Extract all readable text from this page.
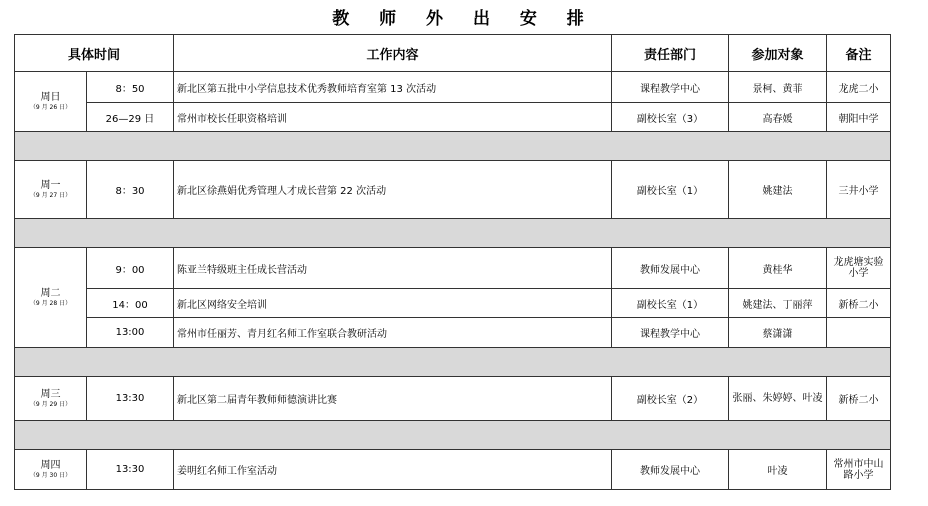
教 师 外 出 安 排
具体时间		工作内容	责任部门	参加对象	备注

周日
（9 月 26 日）	8：50	新北区第五批中小学信息技术优秀教师培育室第 13 次活动	课程教学中心	景柯、黄菲	龙虎二小
	26—29 日	常州市校长任职资格培训	副校长室（3）	高春媛	朝阳中学

周一
（9 月 27 日）	8：30	新北区徐燕娟优秀管理人才成长营第 22 次活动	副校长室（1）	姚建法	三井小学

周二
（9 月 28 日）	9：00	陈亚兰特级班主任成长营活动	教师发展中心	黄桂华	龙虎塘实验小学
	14：00	新北区网络安全培训	副校长室（1）	姚建法、丁丽萍	新桥二小
	13:00	常州市任丽芳、青月红名师工作室联合教研活动	课程教学中心	蔡潇潇	

周三
（9 月 29 日）	13:30	新北区第二届青年教师师德演讲比赛	副校长室（2）	张丽、朱婷婷、叶凌	新桥二小

周四
（9 月 30 日）	13:30	姜明红名师工作室活动	教师发展中心	叶凌	常州市中山路小学
